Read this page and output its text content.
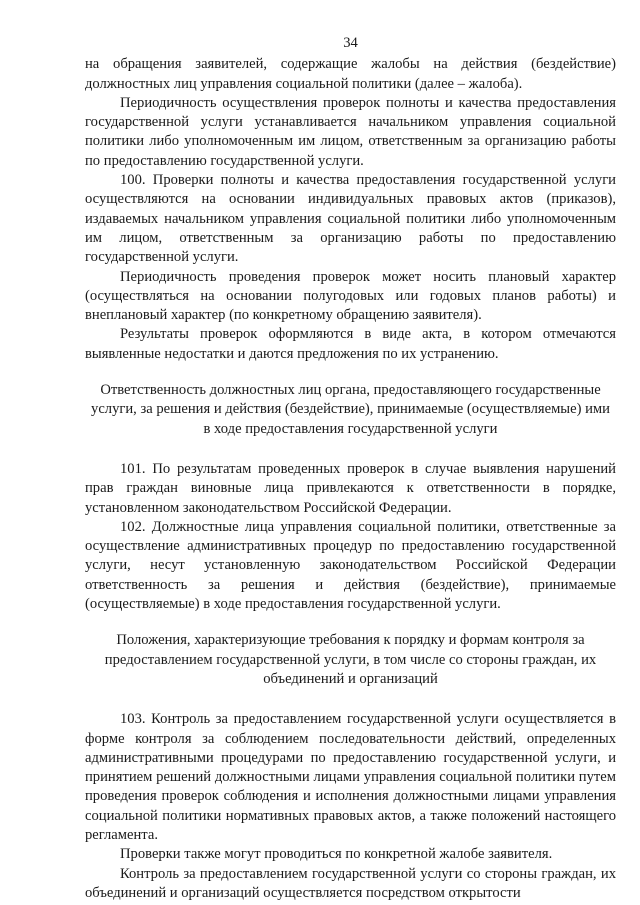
34

на обращения заявителей, содержащие жалобы на действия (бездействие) должностных лиц управления социальной политики (далее – жалоба).

Периодичность осуществления проверок полноты и качества предоставления государственной услуги устанавливается начальником управления социальной политики либо уполномоченным им лицом, ответственным за организацию работы по предоставлению государственной услуги.

100. Проверки полноты и качества предоставления государственной услуги осуществляются на основании индивидуальных правовых актов (приказов), издаваемых начальником управления социальной политики либо уполномоченным им лицом, ответственным за организацию работы по предоставлению государственной услуги.

Периодичность проведения проверок может носить плановый характер (осуществляться на основании полугодовых или годовых планов работы) и внеплановый характер (по конкретному обращению заявителя).

Результаты проверок оформляются в виде акта, в котором отмечаются выявленные недостатки и даются предложения по их устранению.

Ответственность должностных лиц органа, предоставляющего государственные услуги, за решения и действия (бездействие), принимаемые (осуществляемые) ими в ходе предоставления государственной услуги

101. По результатам проведенных проверок в случае выявления нарушений прав граждан виновные лица привлекаются к ответственности в порядке, установленном законодательством Российской Федерации.

102. Должностные лица управления социальной политики, ответственные за осуществление административных процедур по предоставлению государственной услуги, несут установленную законодательством Российской Федерации ответственность за решения и действия (бездействие), принимаемые (осуществляемые) в ходе предоставления государственной услуги.

Положения, характеризующие требования к порядку и формам контроля за предоставлением государственной услуги, в том числе со стороны граждан, их объединений и организаций

103. Контроль за предоставлением государственной услуги осуществляется в форме контроля за соблюдением последовательности действий, определенных административными процедурами по предоставлению государственной услуги, и принятием решений должностными лицами управления социальной политики путем проведения проверок соблюдения и исполнения должностными лицами управления социальной политики нормативных правовых актов, а также положений настоящего регламента.

Проверки также могут проводиться по конкретной жалобе заявителя.

Контроль за предоставлением государственной услуги со стороны граждан, их объединений и организаций осуществляется посредством открытости
